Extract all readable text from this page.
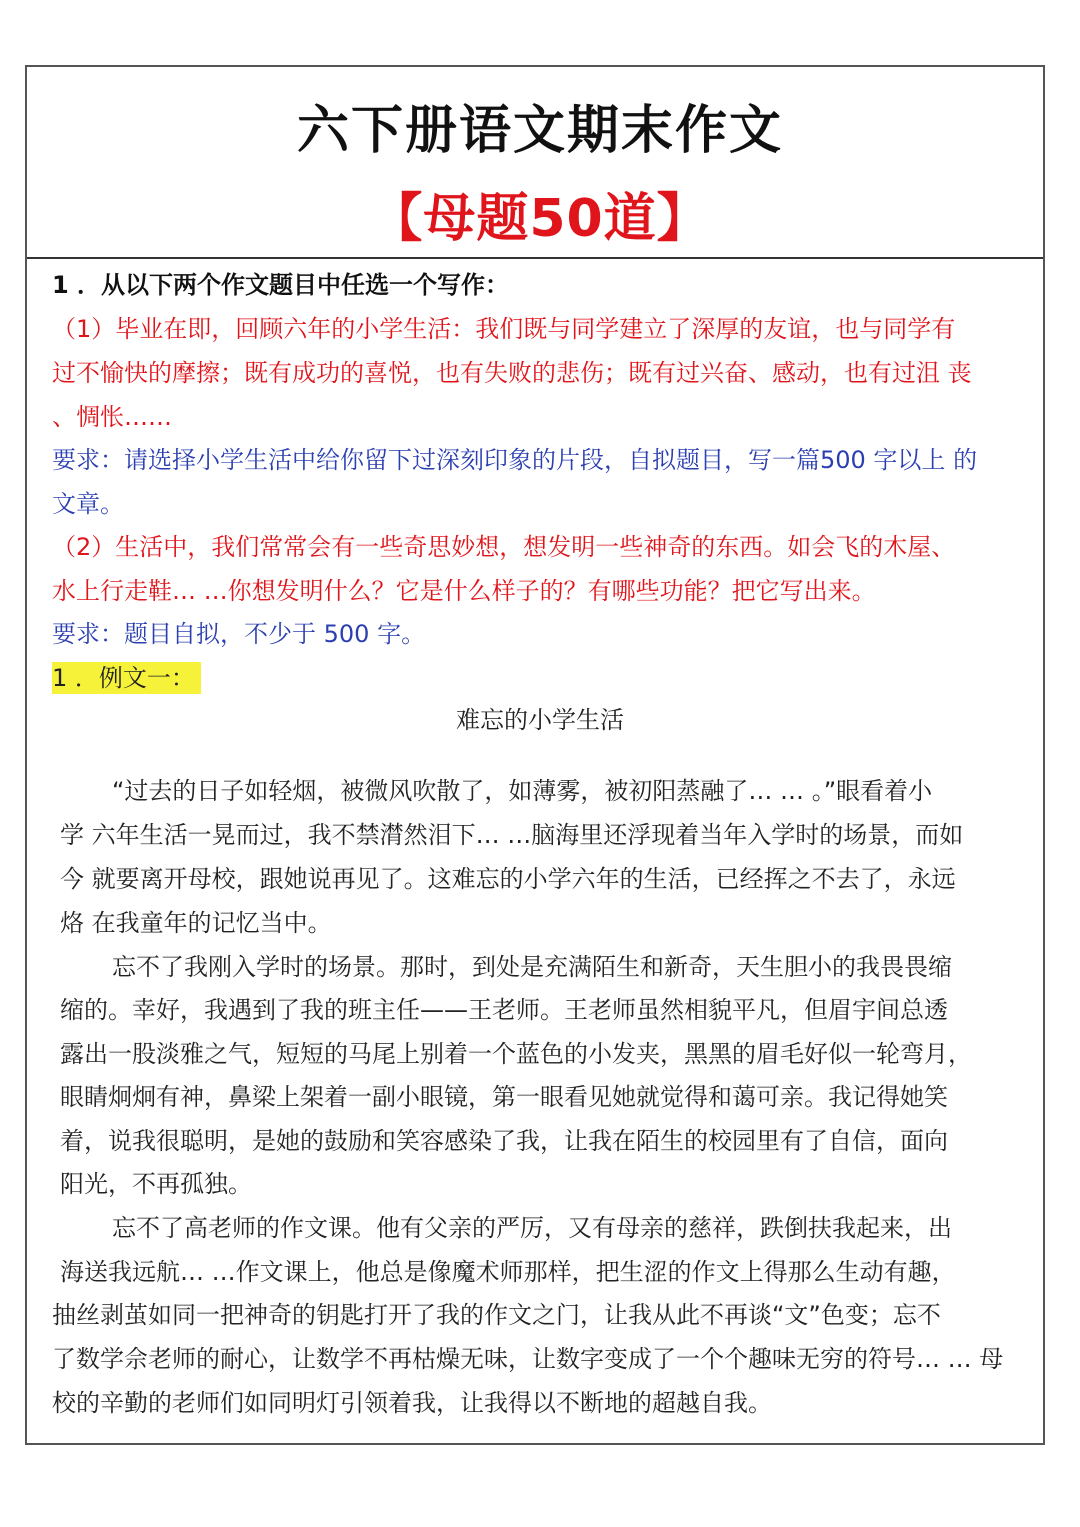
六下册语文期末作文
【母题50道】
1 ．从以下两个作文题目中任选一个写作：
（1）毕业在即，回顾六年的小学生活：我们既与同学建立了深厚的友谊，也与同学有
过不愉快的摩擦；既有成功的喜悦，也有失败的悲伤；既有过兴奋、感动，也有过沮 丧
、惆怅……
要求：请选择小学生活中给你留下过深刻印象的片段，自拟题目，写一篇500 字以上 的
文章。
（2）生活中，我们常常会有一些奇思妙想，想发明一些神奇的东西。如会飞的木屋、
水上行走鞋… …你想发明什么？它是什么样子的？有哪些功能？把它写出来。
要求：题目自拟，不少于 500 字。
1 ．例文一：
难忘的小学生活
“过去的日子如轻烟，被微风吹散了，如薄雾，被初阳蒸融了… … 。”眼看着小
学 六年生活一晃而过，我不禁潸然泪下… …脑海里还浮现着当年入学时的场景，而如
今 就要离开母校，跟她说再见了。这难忘的小学六年的生活，已经挥之不去了，永远
烙 在我童年的记忆当中。
忘不了我刚入学时的场景。那时，到处是充满陌生和新奇，天生胆小的我畏畏缩
缩的。幸好，我遇到了我的班主任——王老师。王老师虽然相貌平凡，但眉宇间总透
露出一股淡雅之气，短短的马尾上别着一个蓝色的小发夹，黑黑的眉毛好似一轮弯月，
眼睛炯炯有神，鼻梁上架着一副小眼镜，第一眼看见她就觉得和蔼可亲。我记得她笑
着，说我很聪明，是她的鼓励和笑容感染了我，让我在陌生的校园里有了自信，面向
阳光，不再孤独。
忘不了高老师的作文课。他有父亲的严厉，又有母亲的慈祥，跌倒扶我起来，出
海送我远航… …作文课上，他总是像魔术师那样，把生涩的作文上得那么生动有趣，
抽丝剥茧如同一把神奇的钥匙打开了我的作文之门，让我从此不再谈“文”色变；忘不
了数学佘老师的耐心，让数学不再枯燥无味，让数字变成了一个个趣味无穷的符号… … 母
校的辛勤的老师们如同明灯引领着我，让我得以不断地的超越自我。
